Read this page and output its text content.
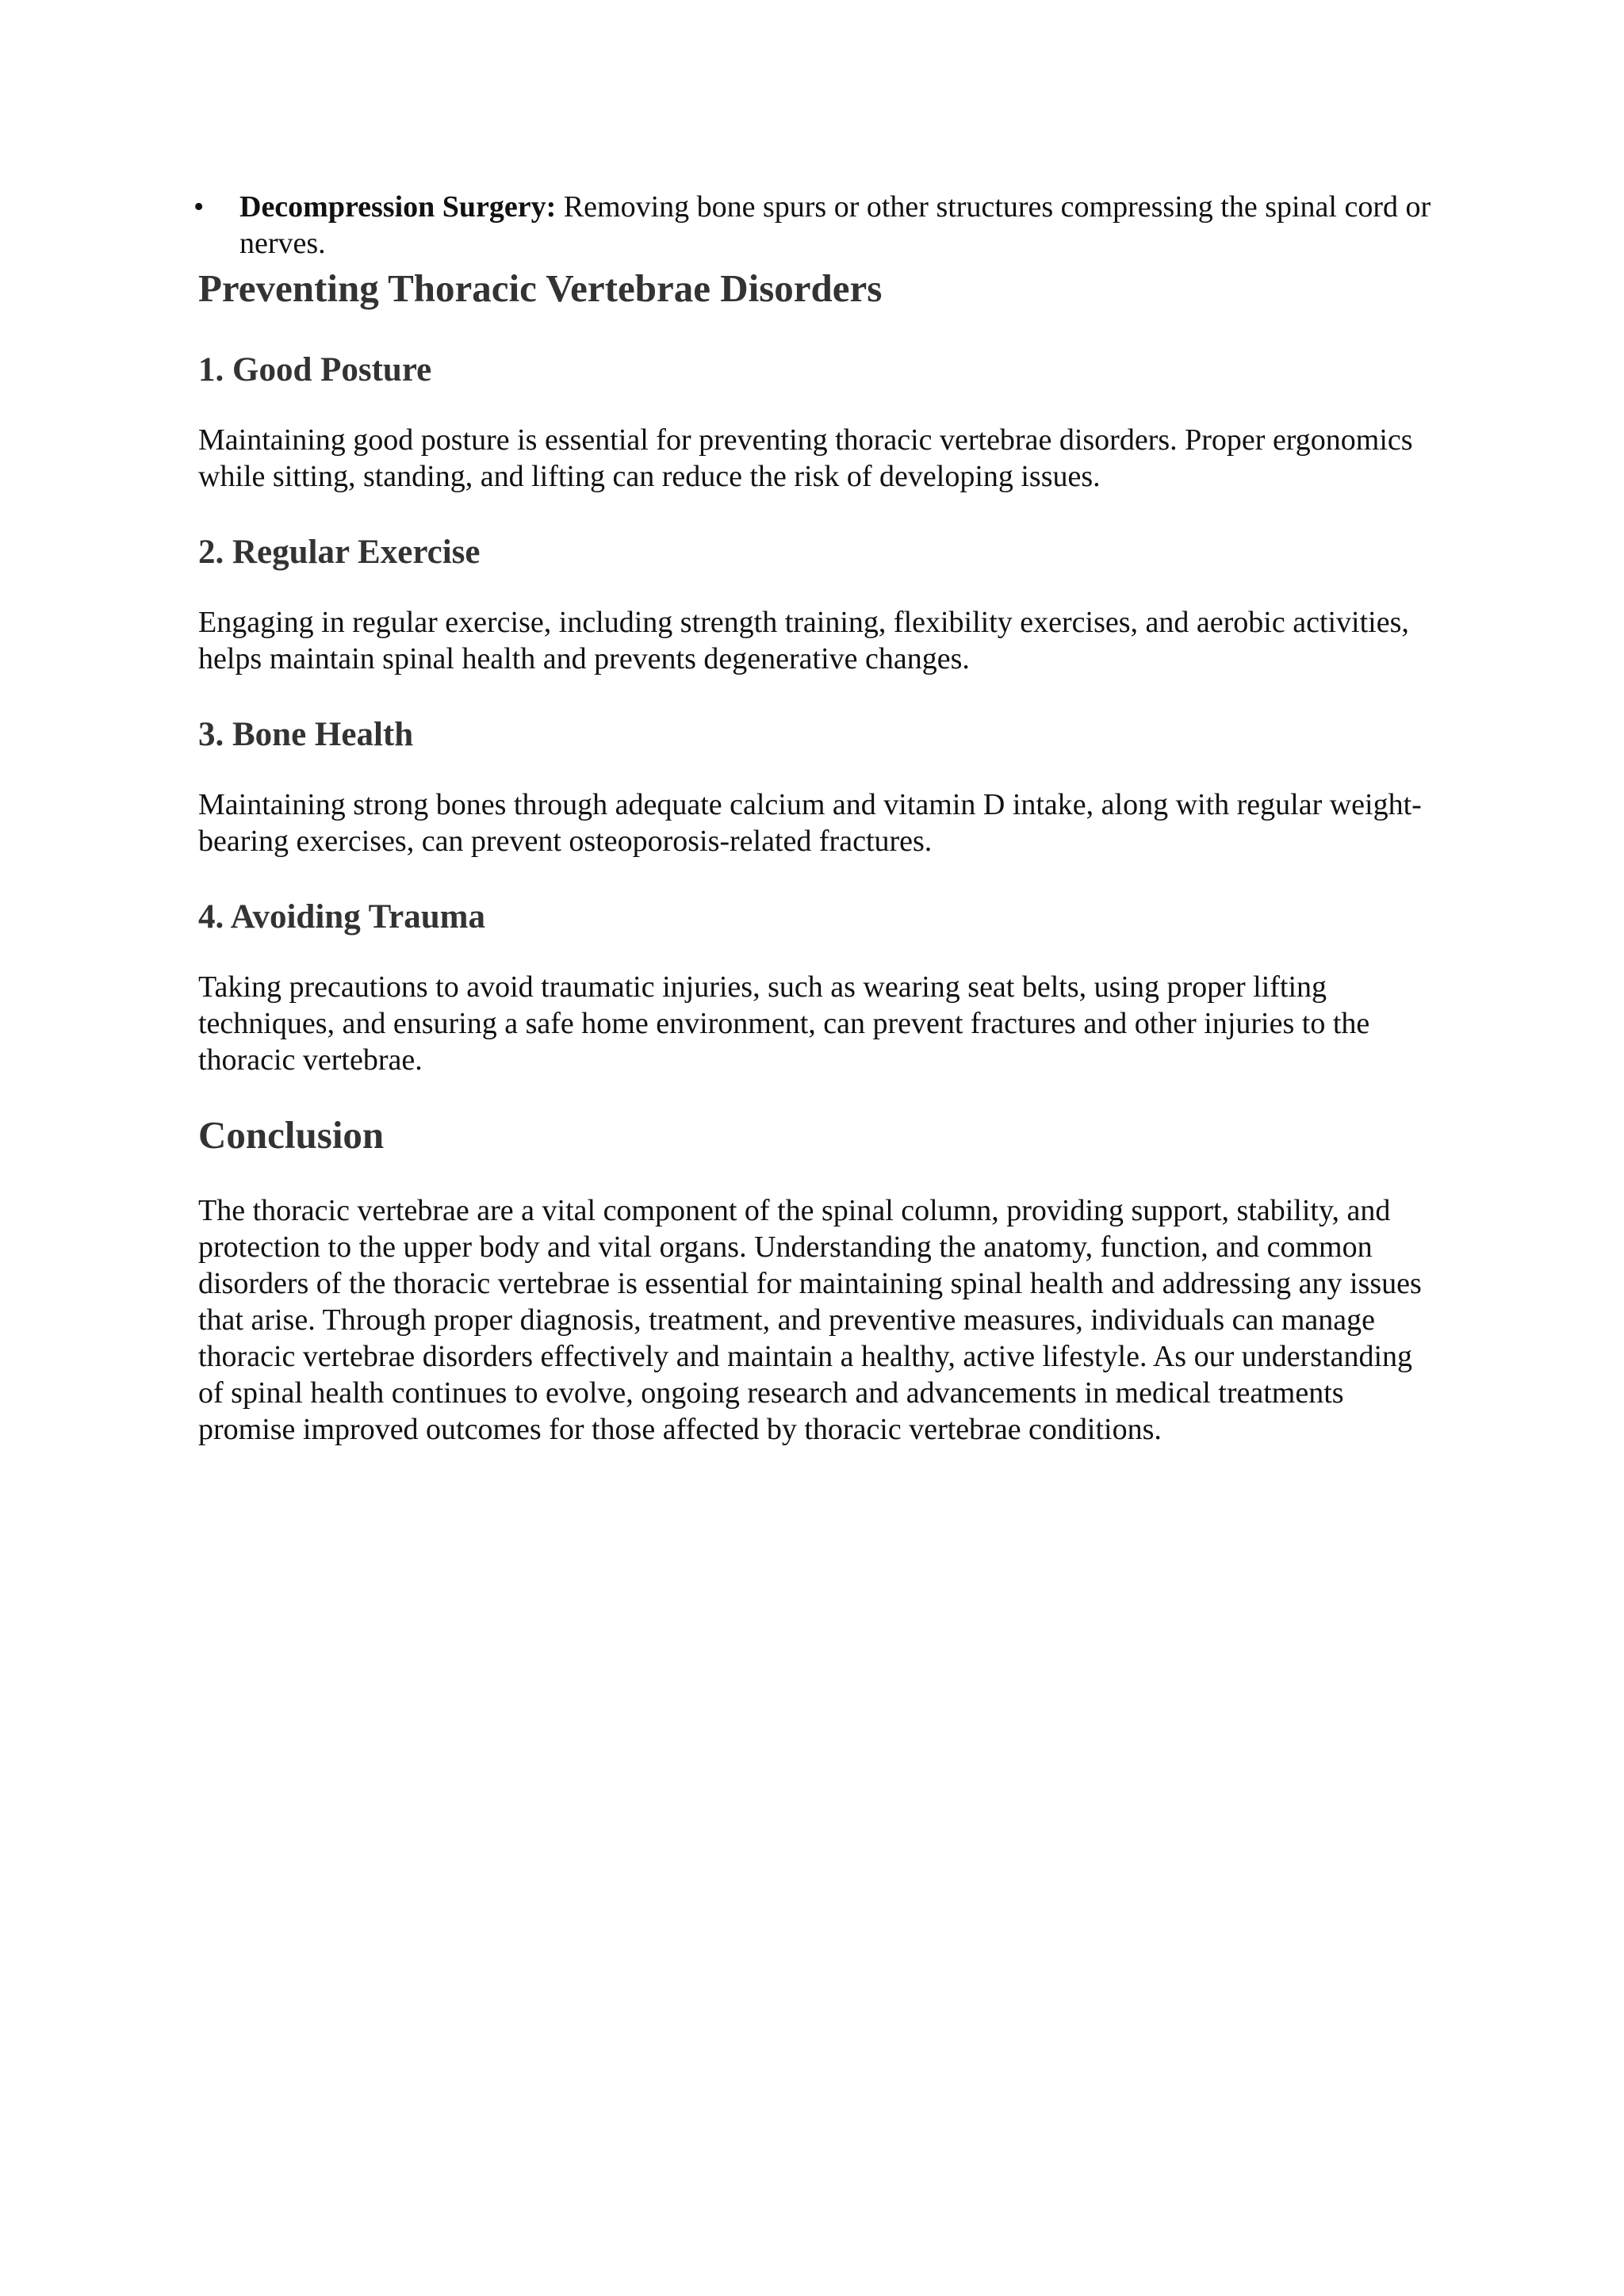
• Decompression Surgery: Removing bone spurs or other structures compressing the spinal cord or nerves.
Preventing Thoracic Vertebrae Disorders
1. Good Posture

Maintaining good posture is essential for preventing thoracic vertebrae disorders. Proper ergonomics while sitting, standing, and lifting can reduce the risk of developing issues.

2. Regular Exercise

Engaging in regular exercise, including strength training, flexibility exercises, and aerobic activities, helps maintain spinal health and prevents degenerative changes.

3. Bone Health

Maintaining strong bones through adequate calcium and vitamin D intake, along with regular weight-bearing exercises, can prevent osteoporosis-related fractures.

4. Avoiding Trauma

Taking precautions to avoid traumatic injuries, such as wearing seat belts, using proper lifting techniques, and ensuring a safe home environment, can prevent fractures and other injuries to the thoracic vertebrae.

Conclusion

The thoracic vertebrae are a vital component of the spinal column, providing support, stability, and protection to the upper body and vital organs. Understanding the anatomy, function, and common disorders of the thoracic vertebrae is essential for maintaining spinal health and addressing any issues that arise. Through proper diagnosis, treatment, and preventive measures, individuals can manage thoracic vertebrae disorders effectively and maintain a healthy, active lifestyle. As our understanding of spinal health continues to evolve, ongoing research and advancements in medical treatments promise improved outcomes for those affected by thoracic vertebrae conditions.
